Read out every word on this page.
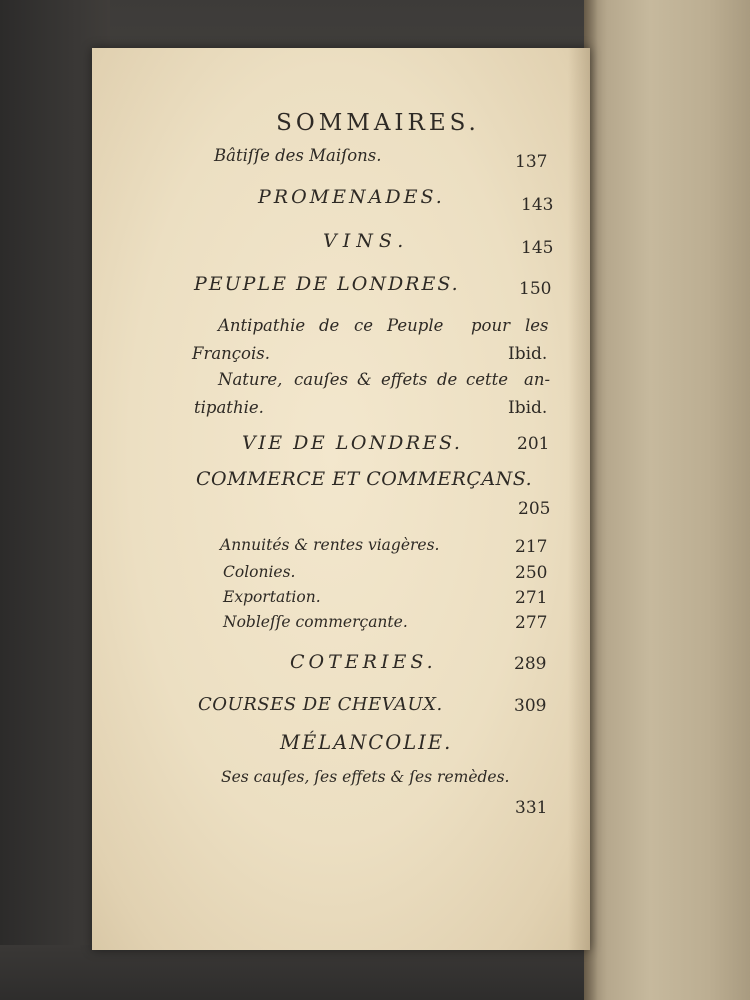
SOMMAIRES.
Bâtiſſe des Maiſons.	137
PROMENADES.	143
VINS.	145
PEUPLE DE LONDRES.	150
Antipathie de ce Peuple pour les
François.	Ibid.
Nature, cauſes & effets de cette an-
tipathie.	Ibid.
VIE DE LONDRES.	201
COMMERCE ET COMMERÇANS.
205
Annuités & rentes viagères.	217
Colonies.	250
Exportation.	271
Nobleſſe commerçante.	277
COTERIES.	289
COURSES DE CHEVAUX.	309
MÉLANCOLIE.
Ses cauſes, ſes effets & ſes remèdes.
331
